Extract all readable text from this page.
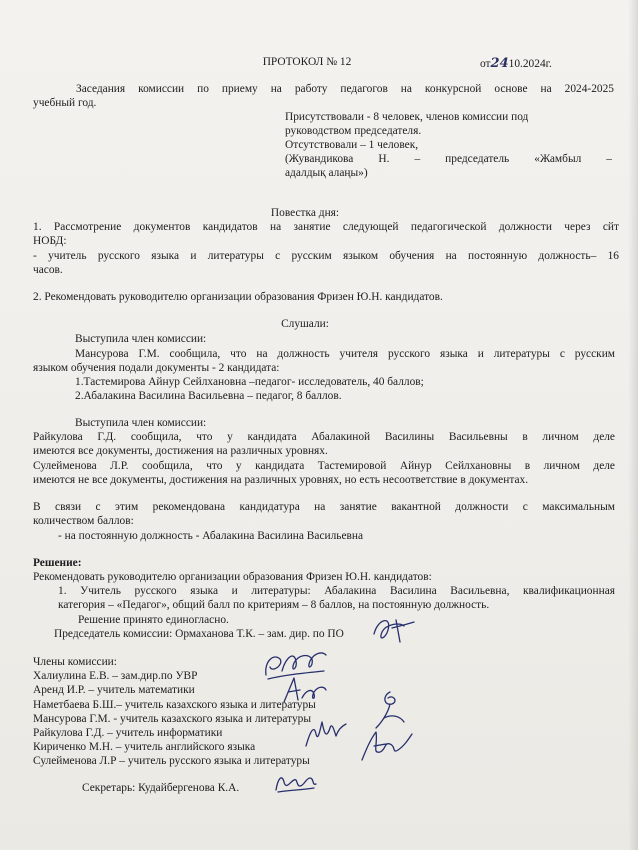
ПРОТОКОЛ № 12	от2410.2024г.
Заседания комиссии по приему на работу педагогов на конкурсной основе на 2024-2025
учебный год.
Присутствовали - 8 человек, членов комиссии под
руководством председателя.
Отсутствовали – 1 человек,
(Жувандикова Н. – председатель «Жамбыл –
адалдық алаңы»)
Повестка дня:
1. Рассмотрение документов кандидатов на занятие следующей педагогической должности через сйт
НОБД:
- учитель русского языка и литературы с русским языком обучения на постоянную должность– 16
часов.
2. Рекомендовать руководителю организации образования Фризен Ю.Н. кандидатов.
Слушали:
Выступила член комиссии:
Мансурова Г.М. сообщила, что на должность учителя русского языка и литературы с русским
языком обучения подали документы - 2 кандидата:
1.Тастемирова Айнур Сейлхановна –педагог- исследователь, 40 баллов;
2.Абалакина Василина Васильевна – педагог, 8 баллов.
Выступила член комиссии:
Райкулова Г.Д. сообщила, что у кандидата Абалакиной Василины Васильевны в личном деле
имеются все документы, достижения на различных уровнях.
Сулейменова Л.Р. сообщила, что у кандидата Тастемировой Айнур Сейлхановны в личном деле
имеются не все документы, достижения на различных уровнях, но есть несоответствие в документах.
В связи с этим рекомендована кандидатура на занятие вакантной должности с максимальным
количеством баллов:
- на постоянную должность - Абалакина Василина Васильевна
Решение:
Рекомендовать руководителю организации образования Фризен Ю.Н. кандидатов:
1. Учитель русского языка и литературы: Абалакина Василина Васильевна, квалификационная
категория – «Педагог», общий балл по критериям – 8 баллов, на постоянную должность.
Решение принято единогласно.
Председатель комиссии: Ормаханова Т.К. – зам. дир. по ПО
Члены комиссии:
Халиулина Е.В. – зам.дир.по УВР
Аренд И.Р. – учитель математики
Наметбаева Б.Ш.– учитель казахского языка и литературы
Мансурова Г.М. - учитель казахского языка и литературы
Райкулова Г.Д. – учитель информатики
Кириченко М.Н. – учитель английского языка
Сулейменова Л.Р – учитель русского языка и литературы
Секретарь: Кудайбергенова К.А.
